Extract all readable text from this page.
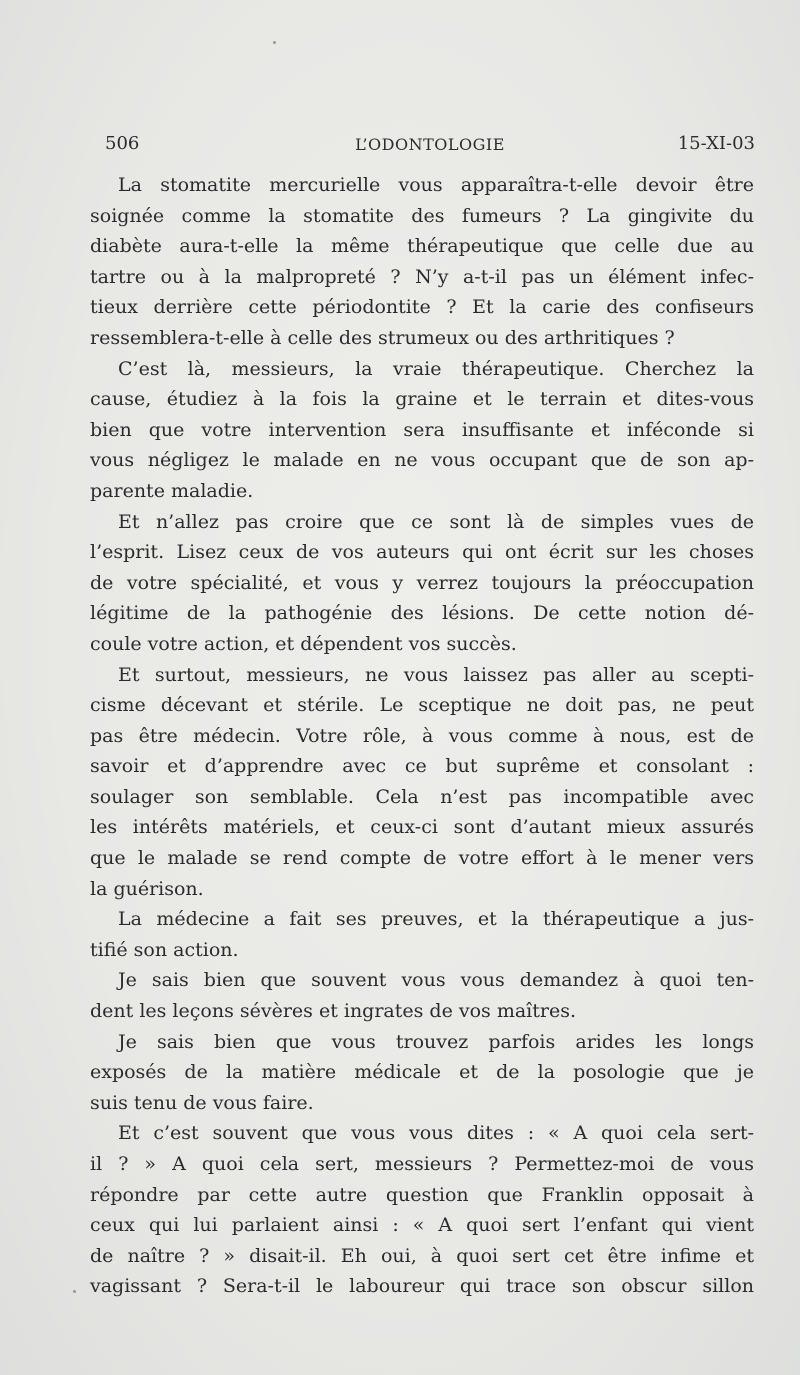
506	L’ODONTOLOGIE	15-XI-03

La stomatite mercurielle vous apparaîtra-t-elle devoir être
soignée comme la stomatite des fumeurs ? La gingivite du
diabète aura-t-elle la même thérapeutique que celle due au
tartre ou à la malpropreté ? N’y a-t-il pas un élément infec-
tieux derrière cette périodontite ? Et la carie des confiseurs
ressemblera-t-elle à celle des strumeux ou des arthritiques ?

C’est là, messieurs, la vraie thérapeutique. Cherchez la
cause, étudiez à la fois la graine et le terrain et dites-vous
bien que votre intervention sera insuffisante et inféconde si
vous négligez le malade en ne vous occupant que de son ap-
parente maladie.

Et n’allez pas croire que ce sont là de simples vues de
l’esprit. Lisez ceux de vos auteurs qui ont écrit sur les choses
de votre spécialité, et vous y verrez toujours la préoccupation
légitime de la pathogénie des lésions. De cette notion dé-
coule votre action, et dépendent vos succès.

Et surtout, messieurs, ne vous laissez pas aller au scepti-
cisme décevant et stérile. Le sceptique ne doit pas, ne peut
pas être médecin. Votre rôle, à vous comme à nous, est de
savoir et d’apprendre avec ce but suprême et consolant :
soulager son semblable. Cela n’est pas incompatible avec
les intérêts matériels, et ceux-ci sont d’autant mieux assurés
que le malade se rend compte de votre effort à le mener vers
la guérison.

La médecine a fait ses preuves, et la thérapeutique a jus-
tifié son action.

Je sais bien que souvent vous vous demandez à quoi ten-
dent les leçons sévères et ingrates de vos maîtres.

Je sais bien que vous trouvez parfois arides les longs
exposés de la matière médicale et de la posologie que je
suis tenu de vous faire.

Et c’est souvent que vous vous dites : « A quoi cela sert-
il ? » A quoi cela sert, messieurs ? Permettez-moi de vous
répondre par cette autre question que Franklin opposait à
ceux qui lui parlaient ainsi : « A quoi sert l’enfant qui vient
de naître ? » disait-il. Eh oui, à quoi sert cet être infime et
vagissant ? Sera-t-il le laboureur qui trace son obscur sillon
